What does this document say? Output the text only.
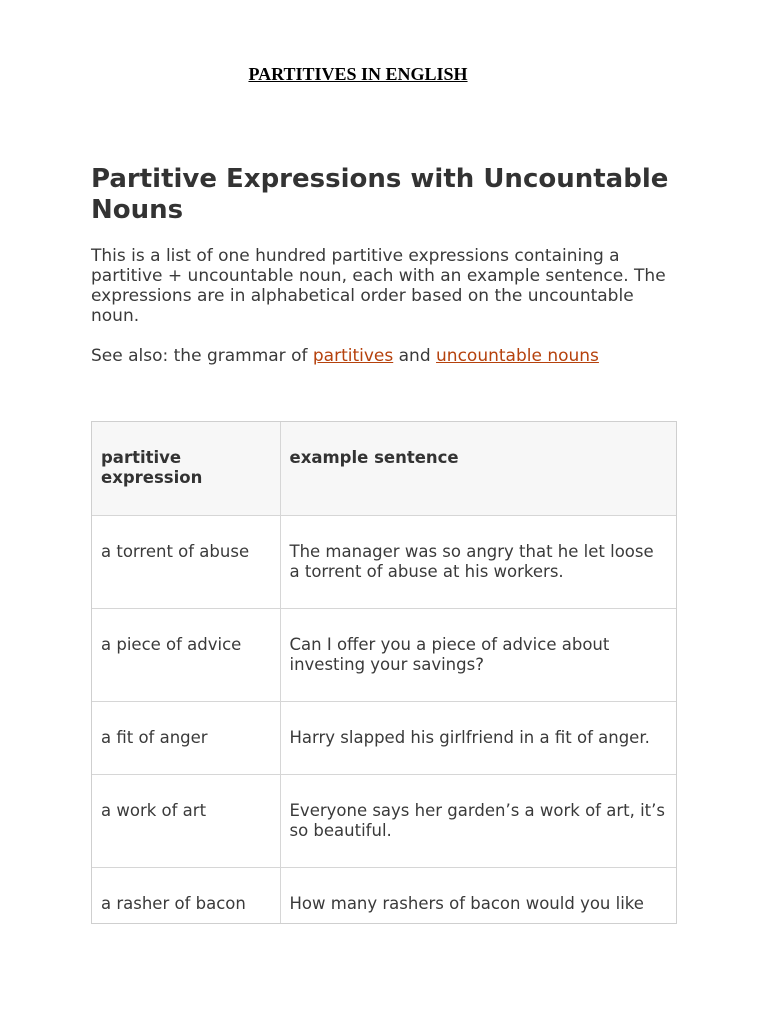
PARTITIVES IN ENGLISH

Partitive Expressions with Uncountable Nouns

This is a list of one hundred partitive expressions containing a partitive + uncountable noun, each with an example sentence. The expressions are in alphabetical order based on the uncountable noun.

See also: the grammar of partitives and uncountable nouns

partitive expression	example sentence
a torrent of abuse	The manager was so angry that he let loose a torrent of abuse at his workers.
a piece of advice	Can I offer you a piece of advice about investing your savings?
a fit of anger	Harry slapped his girlfriend in a fit of anger.
a work of art	Everyone says her garden’s a work of art, it’s so beautiful.
a rasher of bacon	How many rashers of bacon would you like
